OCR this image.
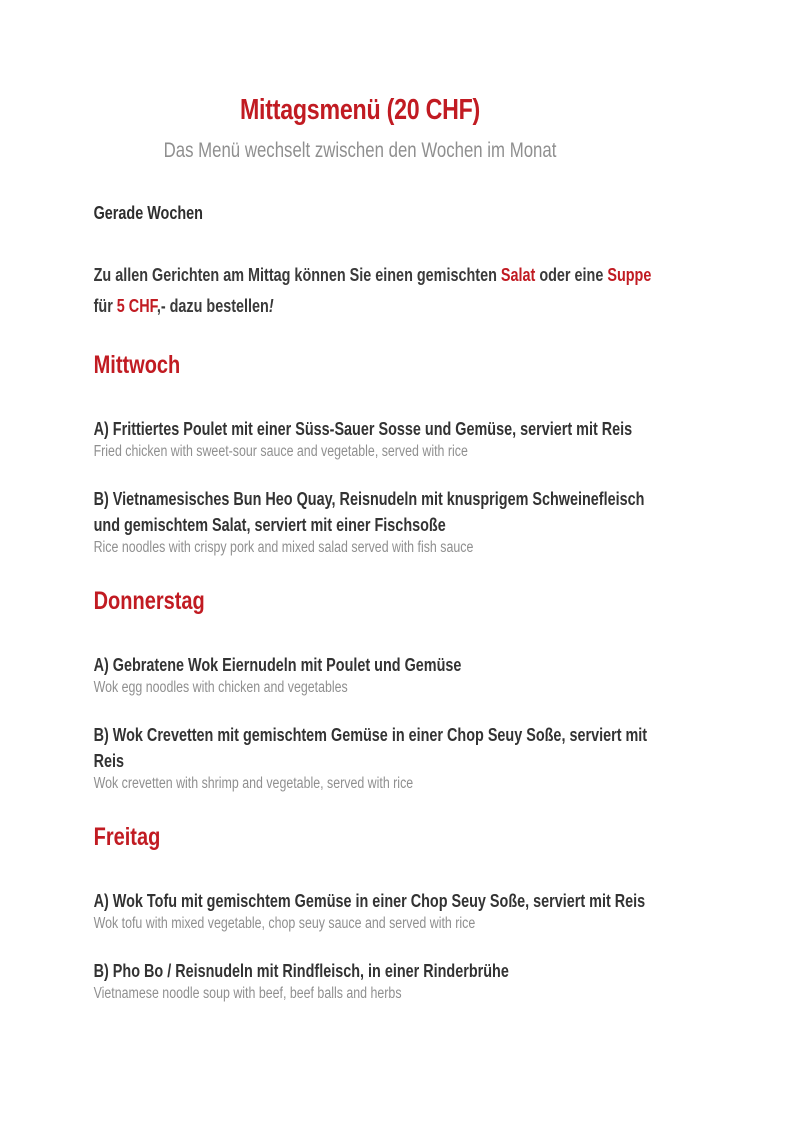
Mittagsmenü (20 CHF)
Das Menü wechselt zwischen den Wochen im Monat
Gerade Wochen

Zu allen Gerichten am Mittag können Sie einen gemischten Salat oder eine Suppe für 5 CHF,- dazu bestellen!

Mittwoch
A) Frittiertes Poulet mit einer Süss-Sauer Sosse und Gemüse, serviert mit Reis
Fried chicken with sweet-sour sauce and vegetable, served with rice
B) Vietnamesisches Bun Heo Quay, Reisnudeln mit knusprigem Schweinefleisch und gemischtem Salat, serviert mit einer Fischsoße
Rice noodles with crispy pork and mixed salad served with fish sauce
Donnerstag
A) Gebratene Wok Eiernudeln mit Poulet und Gemüse
Wok egg noodles with chicken and vegetables
B) Wok Crevetten mit gemischtem Gemüse in einer Chop Seuy Soße, serviert mit Reis
Wok crevetten with shrimp and vegetable, served with rice
Freitag
A) Wok Tofu mit gemischtem Gemüse in einer Chop Seuy Soße, serviert mit Reis
Wok tofu with mixed vegetable, chop seuy sauce and served with rice
B) Pho Bo / Reisnudeln mit Rindfleisch, in einer Rinderbrühe
Vietnamese noodle soup with beef, beef balls and herbs
